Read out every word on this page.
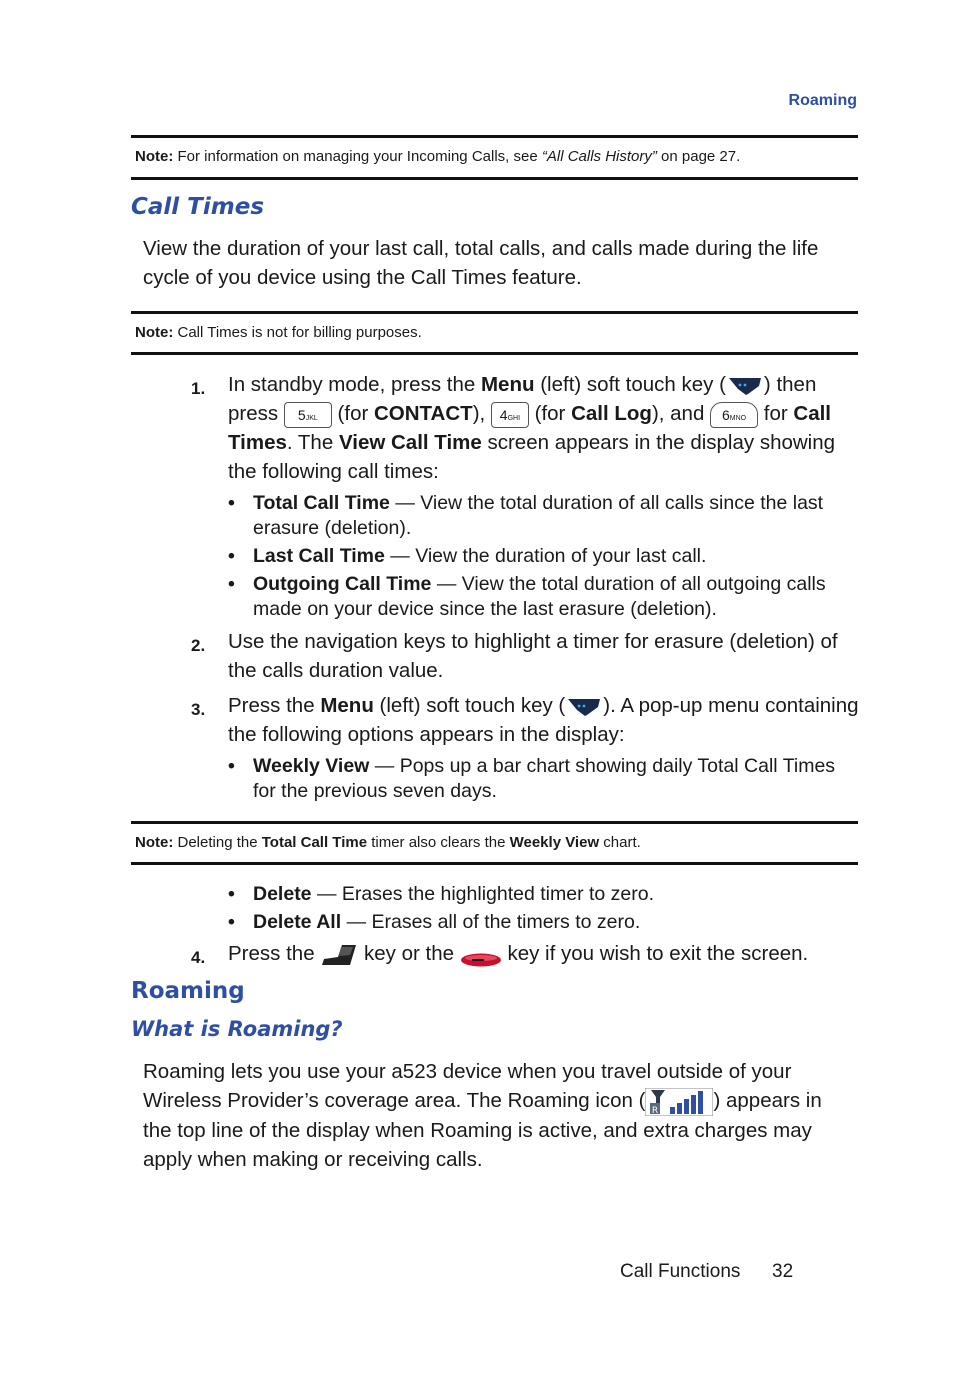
Roaming
Note: For information on managing your Incoming Calls, see “All Calls History” on page 27.
Call Times
View the duration of your last call, total calls, and calls made during the life cycle of you device using the Call Times feature.
Note: Call Times is not for billing purposes.
1. In standby mode, press the Menu (left) soft touch key ( ) then press 5JKL (for CONTACT), 4GHI (for Call Log), and 6MNO for Call Times. The View Call Time screen appears in the display showing the following call times:
• Total Call Time — View the total duration of all calls since the last erasure (deletion).
• Last Call Time — View the duration of your last call.
• Outgoing Call Time — View the total duration of all outgoing calls made on your device since the last erasure (deletion).
2. Use the navigation keys to highlight a timer for erasure (deletion) of the calls duration value.
3. Press the Menu (left) soft touch key ( ). A pop-up menu containing the following options appears in the display:
• Weekly View — Pops up a bar chart showing daily Total Call Times for the previous seven days.
Note: Deleting the Total Call Time timer also clears the Weekly View chart.
• Delete — Erases the highlighted timer to zero.
• Delete All — Erases all of the timers to zero.
4. Press the key or the	key if you wish to exit the screen.
Roaming
What is Roaming?
Roaming lets you use your a523 device when you travel outside of your Wireless Provider’s coverage area. The Roaming icon ( R	) appears in the top line of the display when Roaming is active, and extra charges may apply when making or receiving calls.
Call Functions 32
